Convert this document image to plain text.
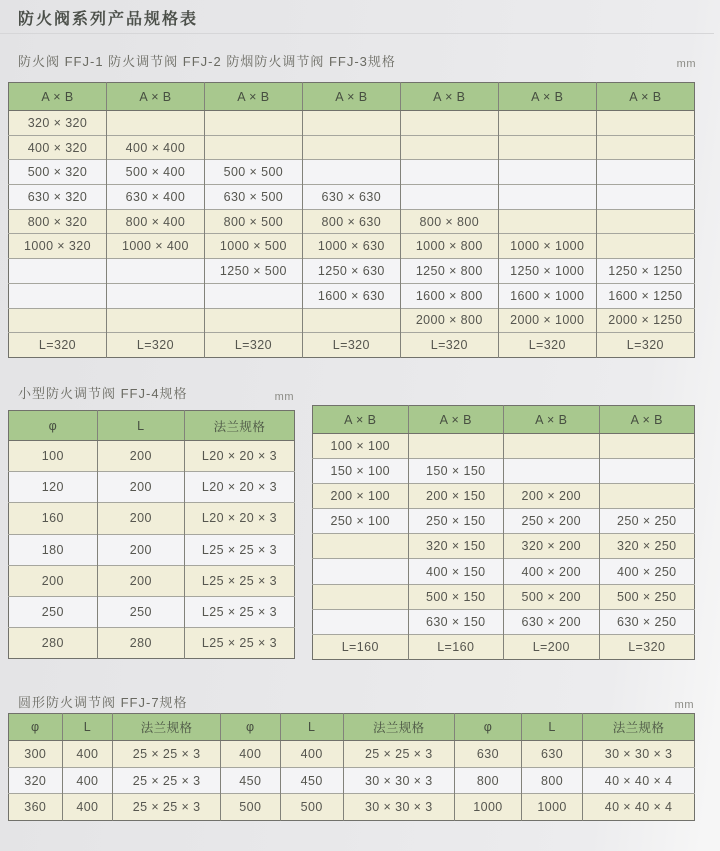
防火阀系列产品规格表
防火阀 FFJ-1 防火调节阀 FFJ-2 防烟防火调节阀 FFJ-3规格	mm
A × B	A × B	A × B	A × B	A × B	A × B	A × B
320 × 320						
400 × 320	400 × 400					
500 × 320	500 × 400	500 × 500				
630 × 320	630 × 400	630 × 500	630 × 630			
800 × 320	800 × 400	800 × 500	800 × 630	800 × 800		
1000 × 320	1000 × 400	1000 × 500	1000 × 630	1000 × 800	1000 × 1000	
		1250 × 500	1250 × 630	1250 × 800	1250 × 1000	1250 × 1250
			1600 × 630	1600 × 800	1600 × 1000	1600 × 1250
				2000 × 800	2000 × 1000	2000 × 1250
L=320	L=320	L=320	L=320	L=320	L=320	L=320
小型防火调节阀 FFJ-4规格	mm
φ	L	法兰规格
100	200	L20 × 20 × 3
120	200	L20 × 20 × 3
160	200	L20 × 20 × 3
180	200	L25 × 25 × 3
200	200	L25 × 25 × 3
250	250	L25 × 25 × 3
280	280	L25 × 25 × 3
A × B	A × B	A × B	A × B
100 × 100			
150 × 100	150 × 150		
200 × 100	200 × 150	200 × 200	
250 × 100	250 × 150	250 × 200	250 × 250
	320 × 150	320 × 200	320 × 250
	400 × 150	400 × 200	400 × 250
	500 × 150	500 × 200	500 × 250
	630 × 150	630 × 200	630 × 250
L=160	L=160	L=200	L=320
圆形防火调节阀 FFJ-7规格	mm
φ	L	法兰规格	φ	L	法兰规格	φ	L	法兰规格
300	400	25 × 25 × 3	400	400	25 × 25 × 3	630	630	30 × 30 × 3
320	400	25 × 25 × 3	450	450	30 × 30 × 3	800	800	40 × 40 × 4
360	400	25 × 25 × 3	500	500	30 × 30 × 3	1000	1000	40 × 40 × 4
